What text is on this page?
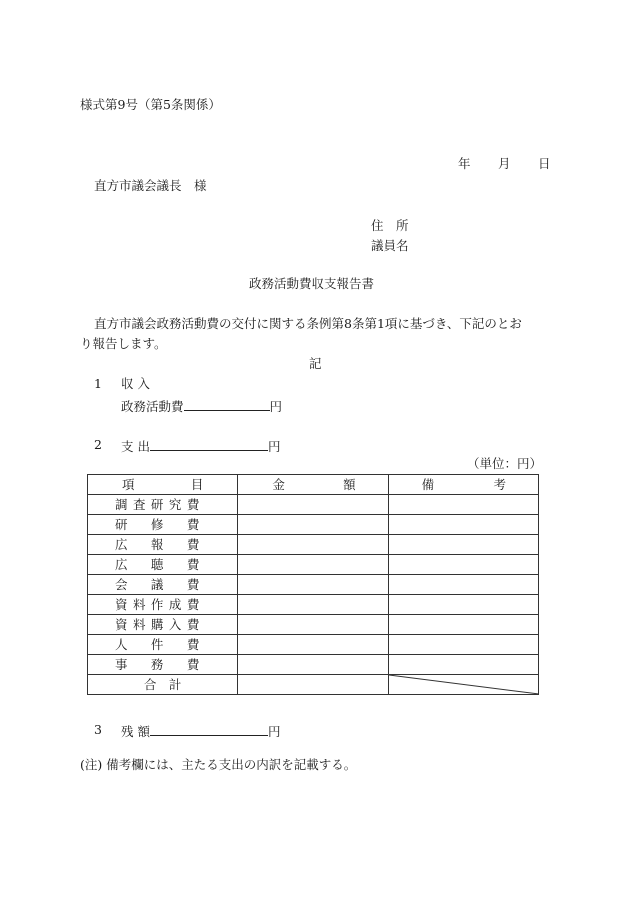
様式第9号（第5条関係）
年 月 日
直方市議会議長　様
住　所
議員名
政務活動費収支報告書
直方市議会政務活動費の交付に関する条例第8条第1項に基づき、下記のとお
り報告します。
記
1 収 入
政務活動費	円
2 支 出	円
（単位：円）
項 目	金 額	備 考

調査研究費		

研修費		

広報費		

広聴費		

会議費		

資料作成費		

資料購入費		

人件費		

事務費		

合　計		
3 残 額	円
(注) 備考欄には、主たる支出の内訳を記載する。
